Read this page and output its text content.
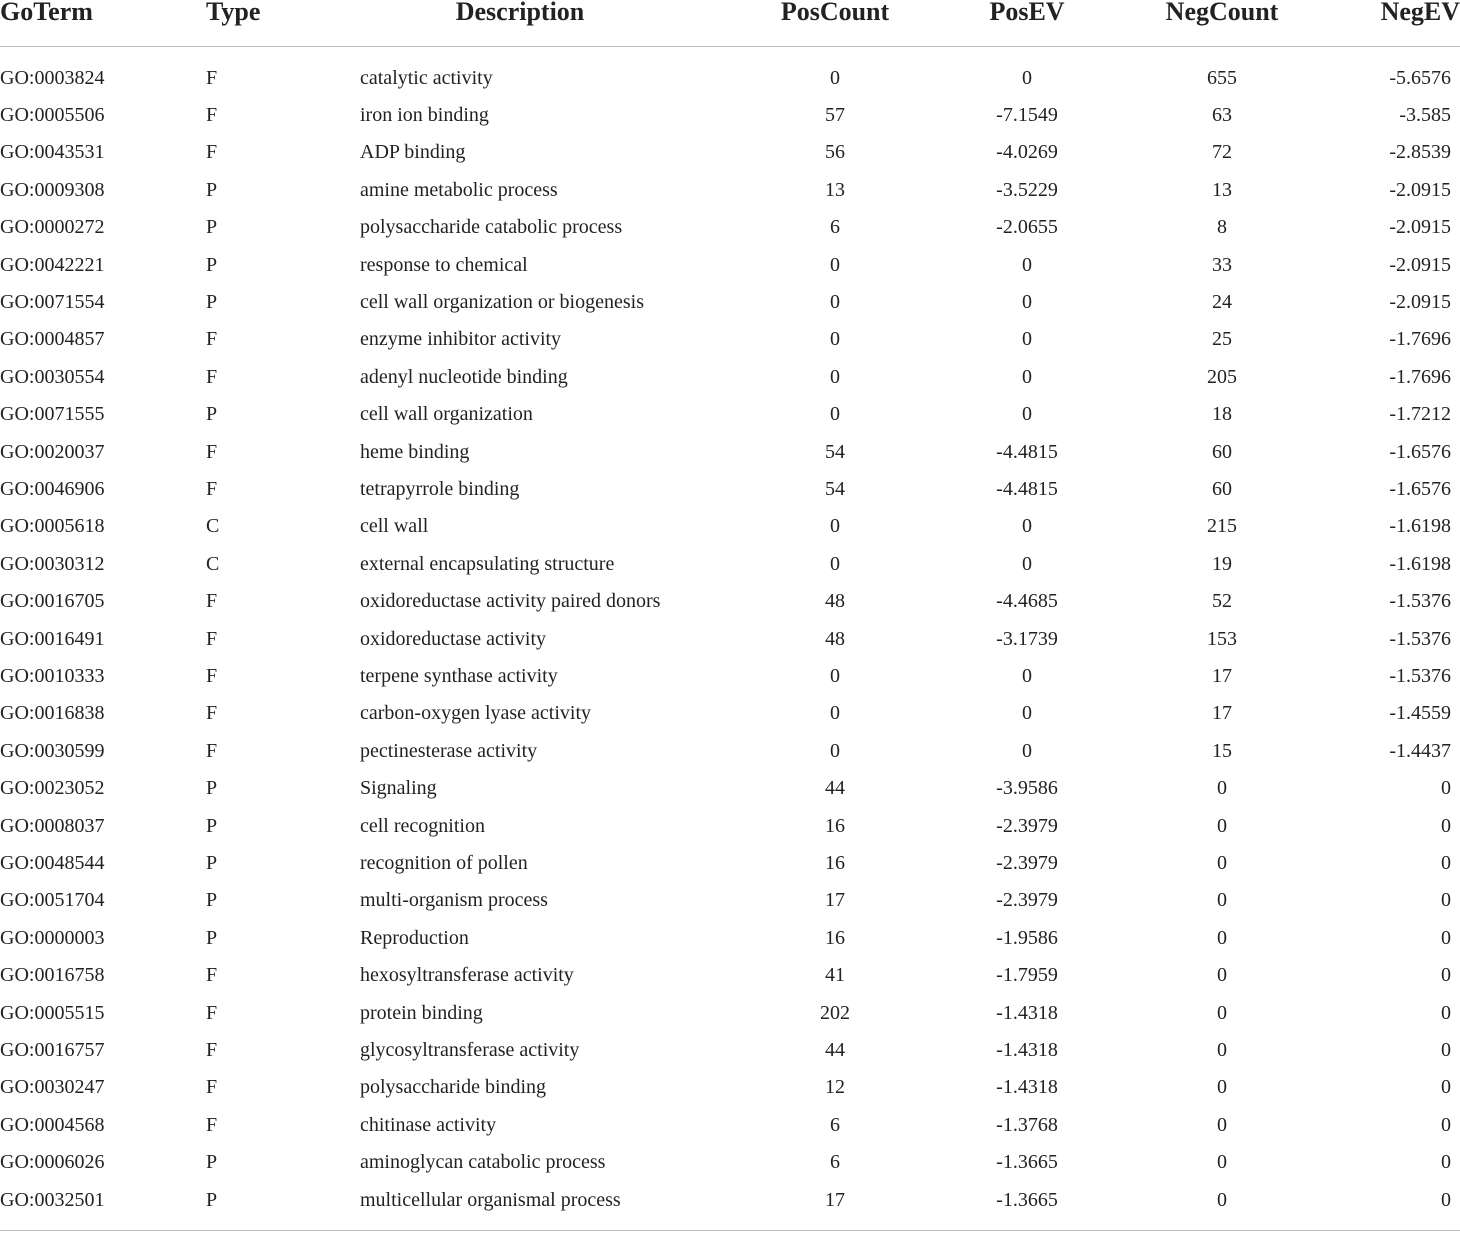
GoTerm	Type	Description	PosCount	PosEV	NegCount	NegEV
GO:0003824	F	catalytic activity	0	0	655	-5.6576
GO:0005506	F	iron ion binding	57	-7.1549	63	-3.585
GO:0043531	F	ADP binding	56	-4.0269	72	-2.8539
GO:0009308	P	amine metabolic process	13	-3.5229	13	-2.0915
GO:0000272	P	polysaccharide catabolic process	6	-2.0655	8	-2.0915
GO:0042221	P	response to chemical	0	0	33	-2.0915
GO:0071554	P	cell wall organization or biogenesis	0	0	24	-2.0915
GO:0004857	F	enzyme inhibitor activity	0	0	25	-1.7696
GO:0030554	F	adenyl nucleotide binding	0	0	205	-1.7696
GO:0071555	P	cell wall organization	0	0	18	-1.7212
GO:0020037	F	heme binding	54	-4.4815	60	-1.6576
GO:0046906	F	tetrapyrrole binding	54	-4.4815	60	-1.6576
GO:0005618	C	cell wall	0	0	215	-1.6198
GO:0030312	C	external encapsulating structure	0	0	19	-1.6198
GO:0016705	F	oxidoreductase activity paired donors	48	-4.4685	52	-1.5376
GO:0016491	F	oxidoreductase activity	48	-3.1739	153	-1.5376
GO:0010333	F	terpene synthase activity	0	0	17	-1.5376
GO:0016838	F	carbon-oxygen lyase activity	0	0	17	-1.4559
GO:0030599	F	pectinesterase activity	0	0	15	-1.4437
GO:0023052	P	Signaling	44	-3.9586	0	0
GO:0008037	P	cell recognition	16	-2.3979	0	0
GO:0048544	P	recognition of pollen	16	-2.3979	0	0
GO:0051704	P	multi-organism process	17	-2.3979	0	0
GO:0000003	P	Reproduction	16	-1.9586	0	0
GO:0016758	F	hexosyltransferase activity	41	-1.7959	0	0
GO:0005515	F	protein binding	202	-1.4318	0	0
GO:0016757	F	glycosyltransferase activity	44	-1.4318	0	0
GO:0030247	F	polysaccharide binding	12	-1.4318	0	0
GO:0004568	F	chitinase activity	6	-1.3768	0	0
GO:0006026	P	aminoglycan catabolic process	6	-1.3665	0	0
GO:0032501	P	multicellular organismal process	17	-1.3665	0	0
